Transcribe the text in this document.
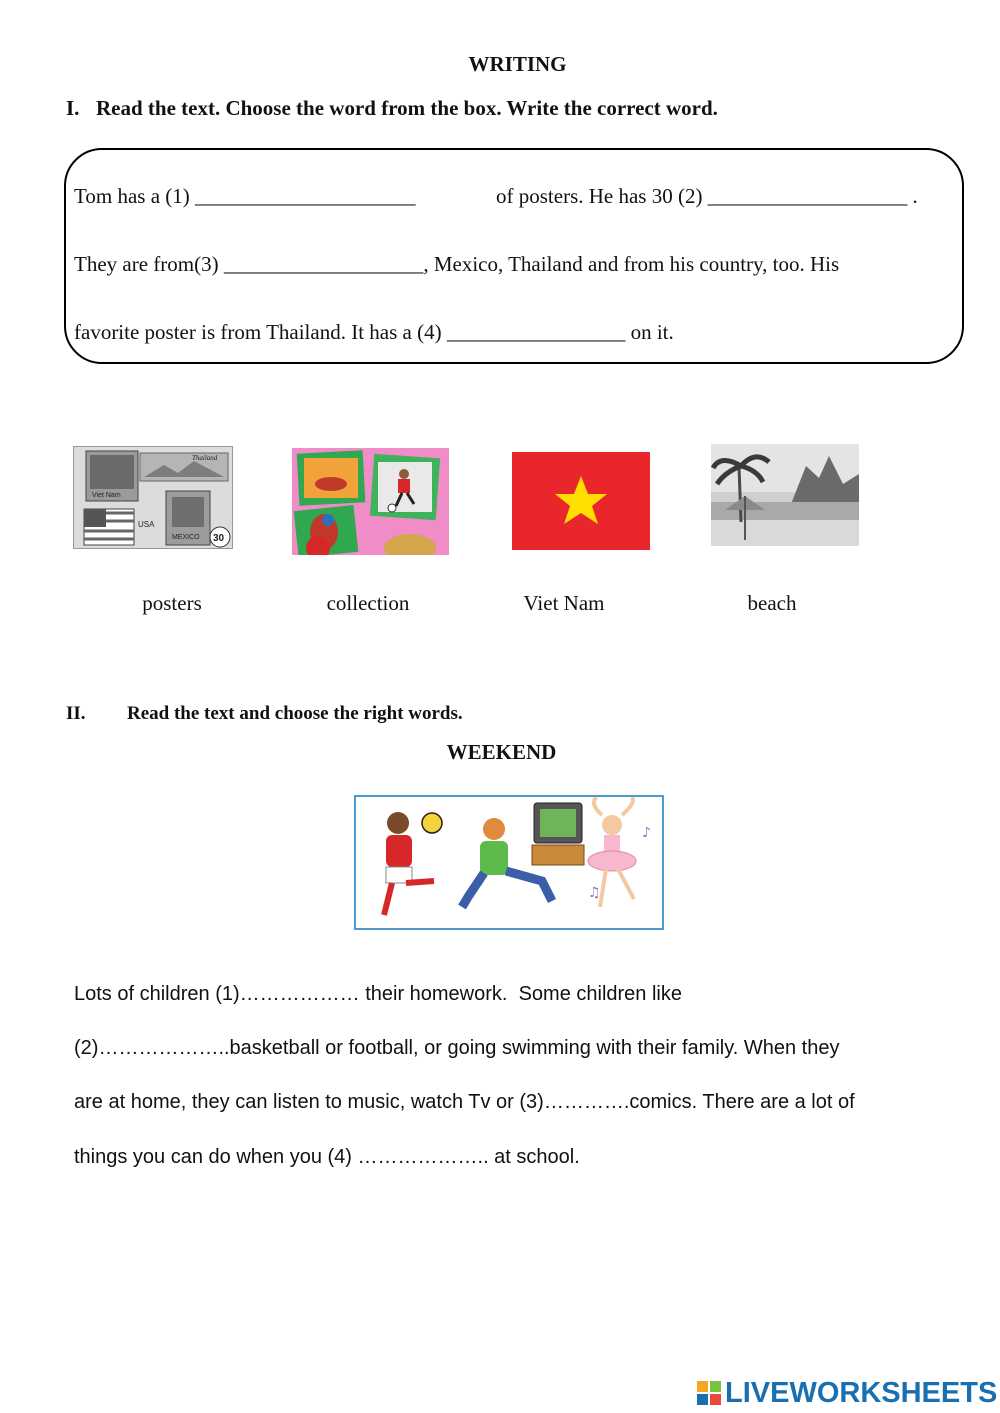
WRITING
I. Read the text. Choose the word from the box. Write the correct word.
Tom has a (1) _____________________	of posters. He has 30 (2) ___________________ .
They are from(3) ___________________, Mexico, Thailand and from his country, too. His
favorite poster is from Thailand. It has a (4) _________________ on it.
Viet Nam
Thailand
USA
MEXICO 30
posters	collection	Viet Nam	beach
II. Read the text and choose the right words.
WEEKEND
♪
♫
Lots of children (1)……………… their homework.  Some children like
(2)………………..basketball or football, or going swimming with their family. When they
are at home, they can listen to music, watch Tv or (3)………….comics. There are a lot of
things you can do when you (4) ……………….. at school.
LIVEWORKSHEETS
